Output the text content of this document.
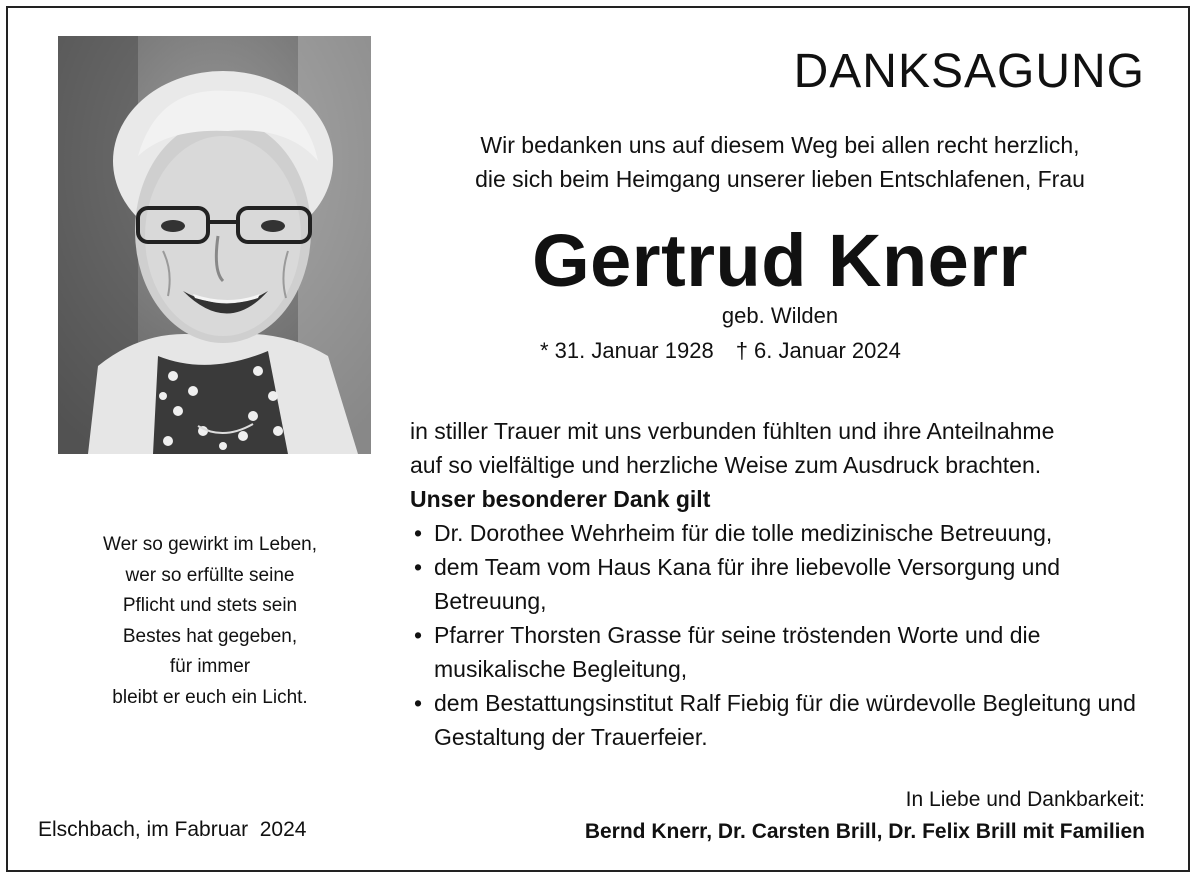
DANKSAGUNG
Wir bedanken uns auf diesem Weg bei allen recht herzlich,
die sich beim Heimgang unserer lieben Entschlafenen, Frau
Gertrud Knerr
geb. Wilden
* 31. Januar 1928 † 6. Januar 2024
in stiller Trauer mit uns verbunden fühlten und ihre Anteilnahme
auf so vielfältige und herzliche Weise zum Ausdruck brachten.
Unser besonderer Dank gilt
• Dr. Dorothee Wehrheim für die tolle medizinische Betreuung,
• dem Team vom Haus Kana für ihre liebevolle Versorgung und Betreuung,
• Pfarrer Thorsten Grasse für seine tröstenden Worte und die musikalische Begleitung,
• dem Bestattungsinstitut Ralf Fiebig für die würdevolle Begleitung und Gestaltung der Trauerfeier.
Wer so gewirkt im Leben,
wer so erfüllte seine
Pflicht und stets sein
Bestes hat gegeben,
für immer
bleibt er euch ein Licht.
Elschbach, im Fabruar  2024
In Liebe und Dankbarkeit:
Bernd Knerr, Dr. Carsten Brill, Dr. Felix Brill mit Familien
